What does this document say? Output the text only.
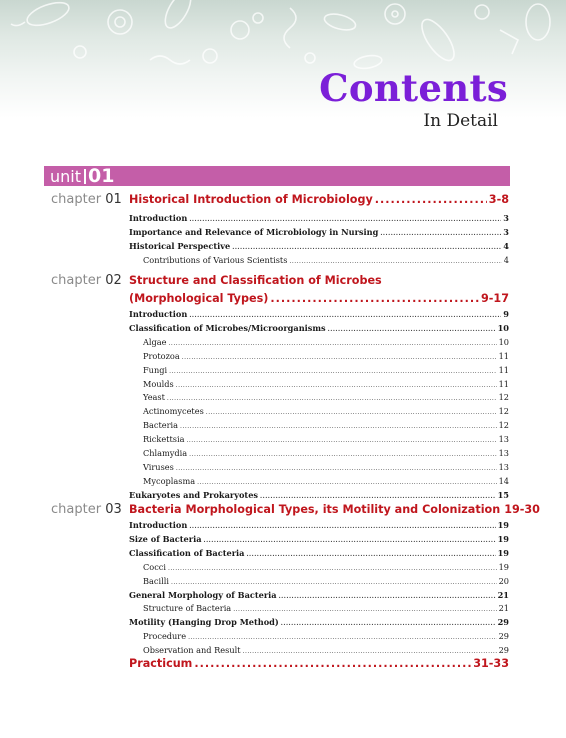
Contents
In Detail
unit 01
chapter 01 Historical Introduction of Microbiology .....	3-8
Introduction .....	3
Importance and Relevance of Microbiology in Nursing .....	3
Historical Perspective .....	4
Contributions of Various Scientists .....	4
chapter 02 Structure and Classification of Microbes
(Morphological Types) .....	9-17
Introduction .....	9
Classification of Microbes/Microorganisms .....	10
Algae .....	10
Protozoa .....	11
Fungi .....	11
Moulds .....	11
Yeast .....	12
Actinomycetes .....	12
Bacteria .....	12
Rickettsia .....	13
Chlamydia .....	13
Viruses .....	13
Mycoplasma .....	14
Eukaryotes and Prokaryotes .....	15
chapter 03 Bacteria Morphological Types, its Motility and Colonization 19-30
Introduction .....	19
Size of Bacteria .....	19
Classification of Bacteria .....	19
Cocci .....	19
Bacilli .....	20
General Morphology of Bacteria .....	21
Structure of Bacteria .....	21
Motility (Hanging Drop Method) .....	29
Procedure .....	29
Observation and Result .....	29
Practicum .....	31-33
